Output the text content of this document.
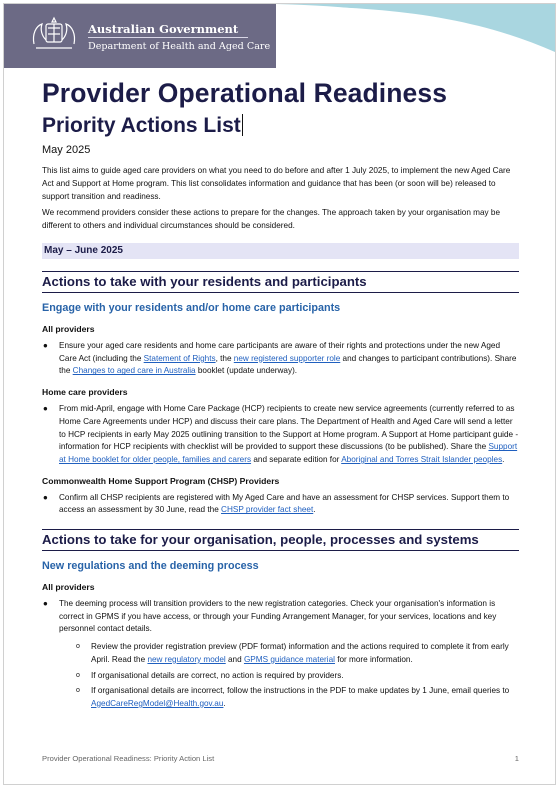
Australian Government
Department of Health and Aged Care
Provider Operational Readiness
Priority Actions List
May 2025

This list aims to guide aged care providers on what you need to do before and after 1 July 2025, to implement the new Aged Care Act and Support at Home program. This list consolidates information and guidance that has been (or soon will be) released to support transition and readiness.

We recommend providers consider these actions to prepare for the changes. The approach taken by your organisation may be different to others and individual circumstances should be considered.

May – June 2025
Actions to take with your residents and participants
Engage with your residents and/or home care participants
All providers
● Ensure your aged care residents and home care participants are aware of their rights and protections under the new Aged Care Act (including the Statement of Rights, the new registered supporter role and changes to participant contributions). Share the Changes to aged care in Australia booklet (update underway).
Home care providers
● From mid-April, engage with Home Care Package (HCP) recipients to create new service agreements (currently referred to as Home Care Agreements under HCP) and discuss their care plans. The Department of Health and Aged Care will send a letter to HCP recipients in early May 2025 outlining transition to the Support at Home program. A Support at Home participant guide - information for HCP recipients with checklist will be provided to support these discussions (to be published). Share the Support at Home booklet for older people, families and carers and separate edition for Aboriginal and Torres Strait Islander peoples.
Commonwealth Home Support Program (CHSP) Providers
● Confirm all CHSP recipients are registered with My Aged Care and have an assessment for CHSP services. Support them to access an assessment by 30 June, read the CHSP provider fact sheet.
Actions to take for your organisation, people, processes and systems
New regulations and the deeming process
All providers
● The deeming process will transition providers to the new registration categories. Check your organisation's information is correct in GPMS if you have access, or through your Funding Arrangement Manager, for your services, locations and key personnel contact details.
o Review the provider registration preview (PDF format) information and the actions required to complete it from early April. Read the new regulatory model and GPMS guidance material for more information.
o If organisational details are correct, no action is required by providers.
o If organisational details are incorrect, follow the instructions in the PDF to make updates by 1 June, email queries to AgedCareRegModel@Health.gov.au.
Provider Operational Readiness: Priority Action List	1
